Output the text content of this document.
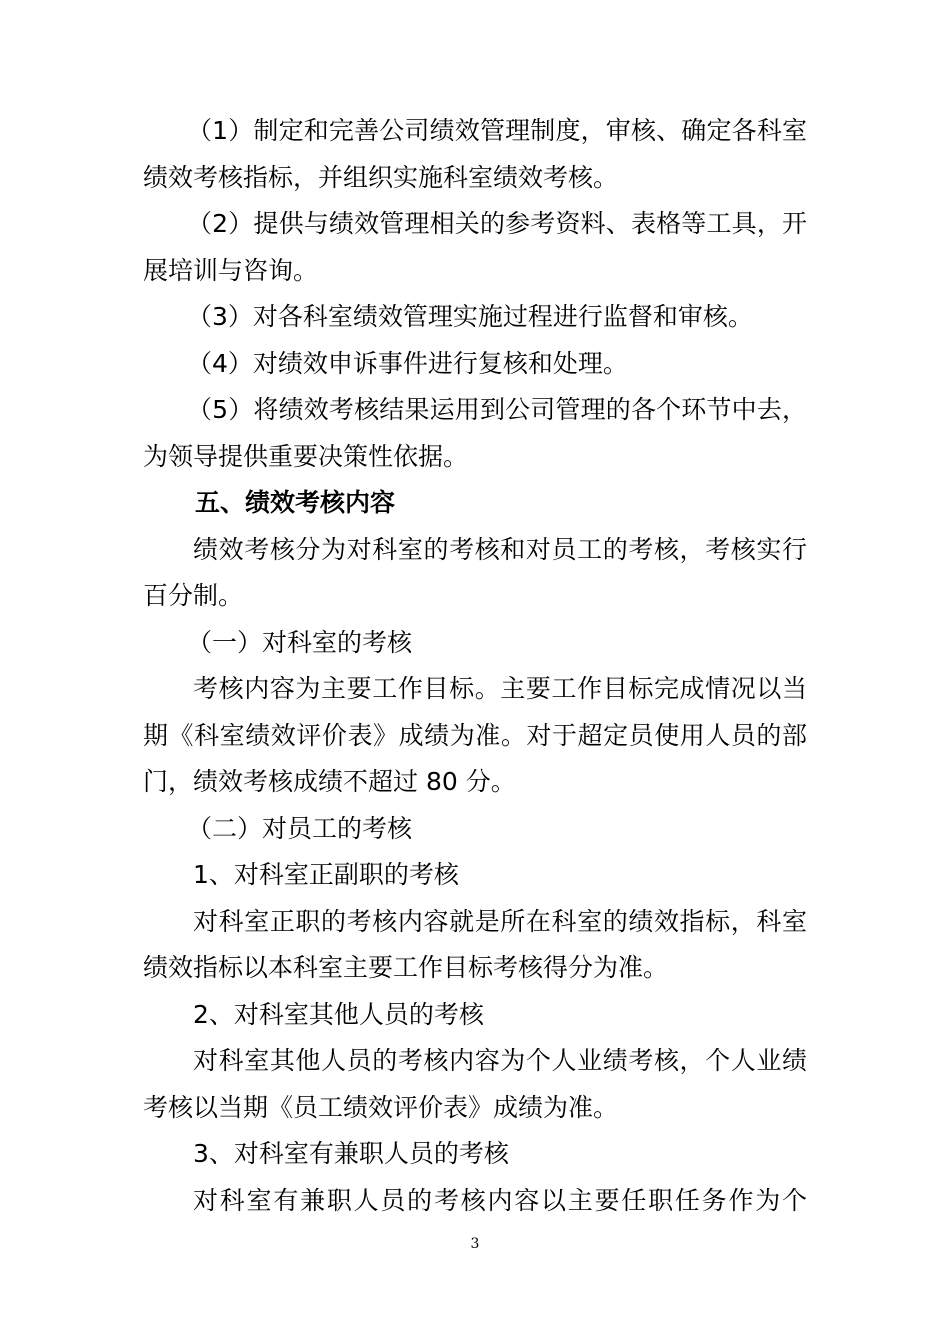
（1）制定和完善公司绩效管理制度，审核、确定各科室
绩效考核指标，并组织实施科室绩效考核。
（2）提供与绩效管理相关的参考资料、表格等工具，开
展培训与咨询。
（3）对各科室绩效管理实施过程进行监督和审核。
（4）对绩效申诉事件进行复核和处理。
（5）将绩效考核结果运用到公司管理的各个环节中去，
为领导提供重要决策性依据。
五、绩效考核内容
绩效考核分为对科室的考核和对员工的考核，考核实行
百分制。
（一）对科室的考核
考核内容为主要工作目标。主要工作目标完成情况以当
期《科室绩效评价表》成绩为准。对于超定员使用人员的部
门，绩效考核成绩不超过 80 分。
（二）对员工的考核
1、对科室正副职的考核
对科室正职的考核内容就是所在科室的绩效指标，科室
绩效指标以本科室主要工作目标考核得分为准。
2、对科室其他人员的考核
对科室其他人员的考核内容为个人业绩考核，个人业绩
考核以当期《员工绩效评价表》成绩为准。
3、对科室有兼职人员的考核
对科室有兼职人员的考核内容以主要任职任务作为个
3
